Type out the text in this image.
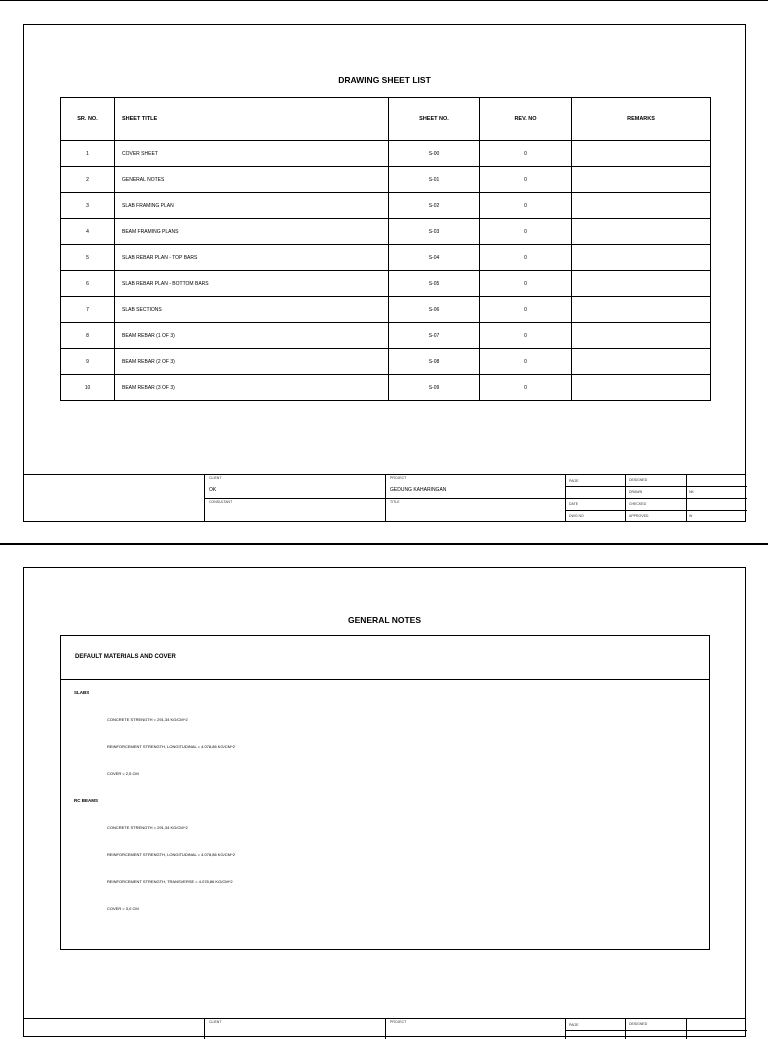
DRAWING SHEET LIST
SR. NO.	SHEET TITLE	SHEET NO.	REV. NO	REMARKS
1	COVER SHEET	S-00	0	
2	GENERAL NOTES	S-01	0	
3	SLAB FRAMING PLAN	S-02	0	
4	BEAM FRAMING PLANS	S-03	0	
5	SLAB REBAR PLAN - TOP BARS	S-04	0	
6	SLAB REBAR PLAN - BOTTOM BARS	S-05	0	
7	SLAB SECTIONS	S-06	0	
8	BEAM REBAR (1 OF 3)	S-07	0	
9	BEAM REBAR (2 OF 3)	S-08	0	
10	BEAM REBAR (3 OF 3)	S-09	0	
CLIENT
OK
CONSULTANT
PROJECT
GEDUNG KAHARINGAN
TITLE
PAGE	DESIGNED
DRAWN	NK
DATE	CHECKED
DWG NO	APPROVED	W
GENERAL NOTES
DEFAULT MATERIALS AND COVER
SLABS
CONCRETE STRENGTH = 291,34 KG/CM^2
REINFORCEMENT STRENGTH, LONGITUDINAL = 4.078,86 KG/CM^2
COVER = 2,5 CM
RC BEAMS
CONCRETE STRENGTH = 291,34 KG/CM^2
REINFORCEMENT STRENGTH, LONGITUDINAL = 4.078,86 KG/CM^2
REINFORCEMENT STRENGTH, TRANSVERSE = 4.078,86 KG/CM^2
COVER = 3,0 CM
CLIENT	PROJECT
PAGE	DESIGNED
